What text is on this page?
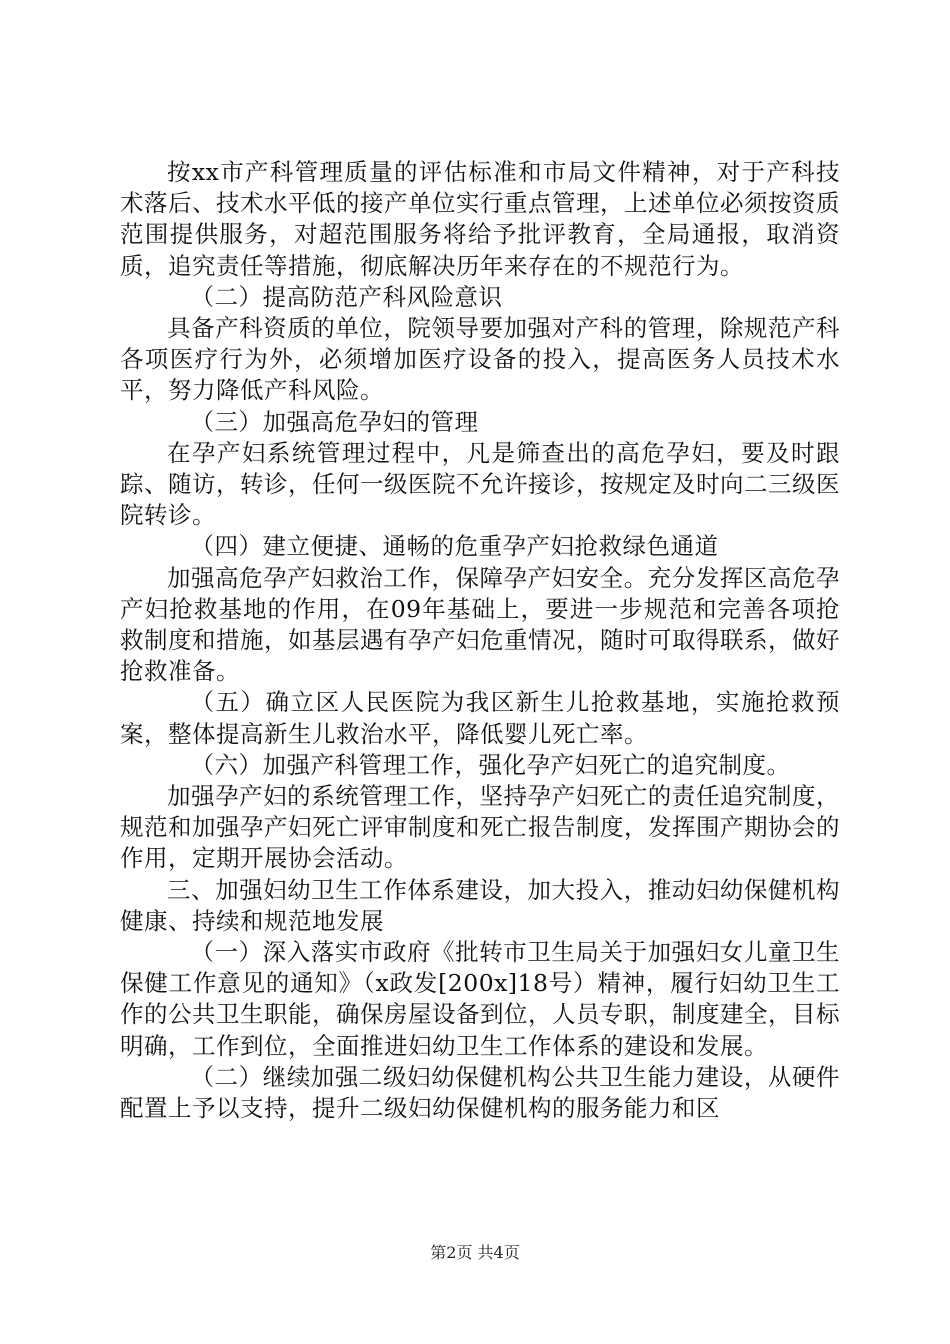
按xx市产科管理质量的评估标准和市局文件精神，对于产科技术落后、技术水平低的接产单位实行重点管理，上述单位必须按资质范围提供服务，对超范围服务将给予批评教育，全局通报，取消资质，追究责任等措施，彻底解决历年来存在的不规范行为。

（二）提高防范产科风险意识

具备产科资质的单位，院领导要加强对产科的管理，除规范产科各项医疗行为外，必须增加医疗设备的投入，提高医务人员技术水平，努力降低产科风险。

（三）加强高危孕妇的管理

在孕产妇系统管理过程中，凡是筛查出的高危孕妇，要及时跟踪、随访，转诊，任何一级医院不允许接诊，按规定及时向二三级医院转诊。

（四）建立便捷、通畅的危重孕产妇抢救绿色通道

加强高危孕产妇救治工作，保障孕产妇安全。充分发挥区高危孕产妇抢救基地的作用，在09年基础上，要进一步规范和完善各项抢救制度和措施，如基层遇有孕产妇危重情况，随时可取得联系，做好抢救准备。

（五）确立区人民医院为我区新生儿抢救基地，实施抢救预案，整体提高新生儿救治水平，降低婴儿死亡率。

（六）加强产科管理工作，强化孕产妇死亡的追究制度。

加强孕产妇的系统管理工作，坚持孕产妇死亡的责任追究制度，规范和加强孕产妇死亡评审制度和死亡报告制度，发挥围产期协会的作用，定期开展协会活动。

三、加强妇幼卫生工作体系建设，加大投入，推动妇幼保健机构健康、持续和规范地发展

（一）深入落实市政府《批转市卫生局关于加强妇女儿童卫生保健工作意见的通知》（x政发[200x]18号）精神，履行妇幼卫生工作的公共卫生职能，确保房屋设备到位，人员专职，制度建全，目标明确，工作到位，全面推进妇幼卫生工作体系的建设和发展。

（二）继续加强二级妇幼保健机构公共卫生能力建设，从硬件配置上予以支持，提升二级妇幼保健机构的服务能力和区

第2页 共4页
